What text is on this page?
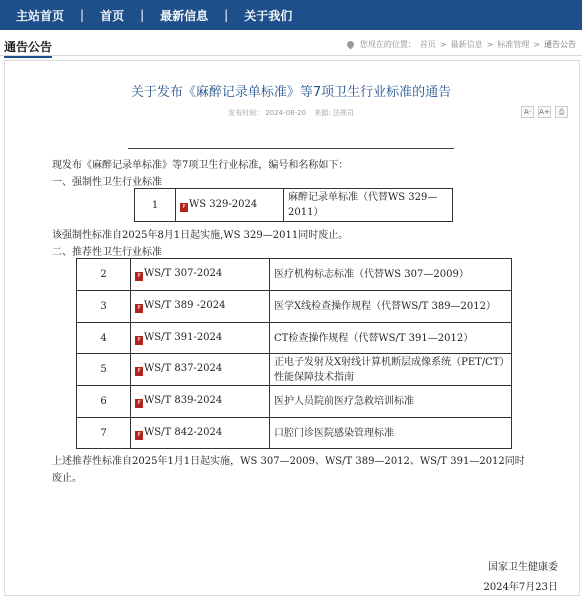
主站首页	|	首页	|	最新信息	|	关于我们
通告公告	您现在的位置： 首页 > 最新信息 > 标准管理 > 通告公告
关于发布《麻醉记录单标准》等7项卫生行业标准的通告
发布时间： 2024-08-20 来源: 法规司	A-	A+	⎙
现发布《麻醉记录单标准》等7项卫生行业标准，编号和名称如下：
一、强制性卫生行业标准
1	P WS 329-2024	麻醉记录单标准（代替WS 329—2011）
该强制性标准自2025年8月1日起实施,WS 329—2011同时废止。
二、推荐性卫生行业标准
2	P WS/T 307-2024	医疗机构标志标准（代替WS 307—2009）
3	P WS/T 389 -2024	医学X线检查操作规程（代替WS/T 389—2012）
4	P WS/T 391-2024	CT检查操作规程（代替WS/T 391—2012）
5	P WS/T 837-2024	正电子发射及X射线计算机断层成像系统（PET/CT）性能保障技术指南
6	P WS/T 839-2024	医护人员院前医疗急救培训标准
7	P WS/T 842-2024	口腔门诊医院感染管理标准
上述推荐性标准自2025年1月1日起实施，WS 307—2009、WS/T 389—2012、WS/T 391—2012同时
废止。
国家卫生健康委
2024年7月23日
